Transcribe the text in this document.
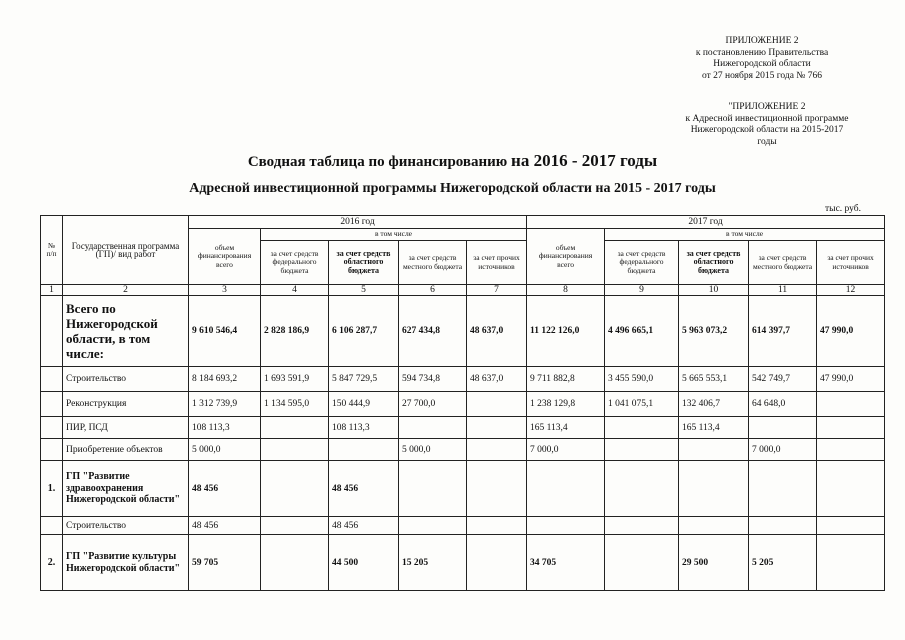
ПРИЛОЖЕНИЕ 2
к постановлению Правительства
Нижегородской области
от 27 ноября 2015 года № 766
"ПРИЛОЖЕНИЕ 2
к Адресной инвестиционной программе
Нижегородской области на 2015-2017
годы
Сводная таблица по финансированию на 2016 - 2017 годы
Адресной инвестиционной программы Нижегородской области на 2015 - 2017 годы
тыс. руб.
№ п/п	Государственная программа (ГП)/ вид работ	2016 год					2017 год				
		объем финансирования всего	в том числе				объем финансирования всего	в том числе			
			за счет средств федерального бюджета	за счет средств областного бюджета	за счет средств местного бюджета	за счет прочих источников		за счет средств федерального бюджета	за счет средств областного бюджета	за счет средств местного бюджета	за счет прочих источников
1	2	3	4	5	6	7	8	9	10	11	12
	Всего по Нижегородской области, в том числе:	9 610 546,4	2 828 186,9	6 106 287,7	627 434,8	48 637,0	11 122 126,0	4 496 665,1	5 963 073,2	614 397,7	47 990,0
	Строительство	8 184 693,2	1 693 591,9	5 847 729,5	594 734,8	48 637,0	9 711 882,8	3 455 590,0	5 665 553,1	542 749,7	47 990,0
	Реконструкция	1 312 739,9	1 134 595,0	150 444,9	27 700,0		1 238 129,8	1 041 075,1	132 406,7	64 648,0	
	ПИР, ПСД	108 113,3		108 113,3			165 113,4		165 113,4		
	Приобретение объектов	5 000,0			5 000,0		7 000,0			7 000,0	
1.	ГП "Развитие здравоохранения Нижегородской области"	48 456		48 456							
	Строительство	48 456		48 456							
2.	ГП "Развитие культуры Нижегородской области"	59 705		44 500	15 205		34 705		29 500	5 205	
